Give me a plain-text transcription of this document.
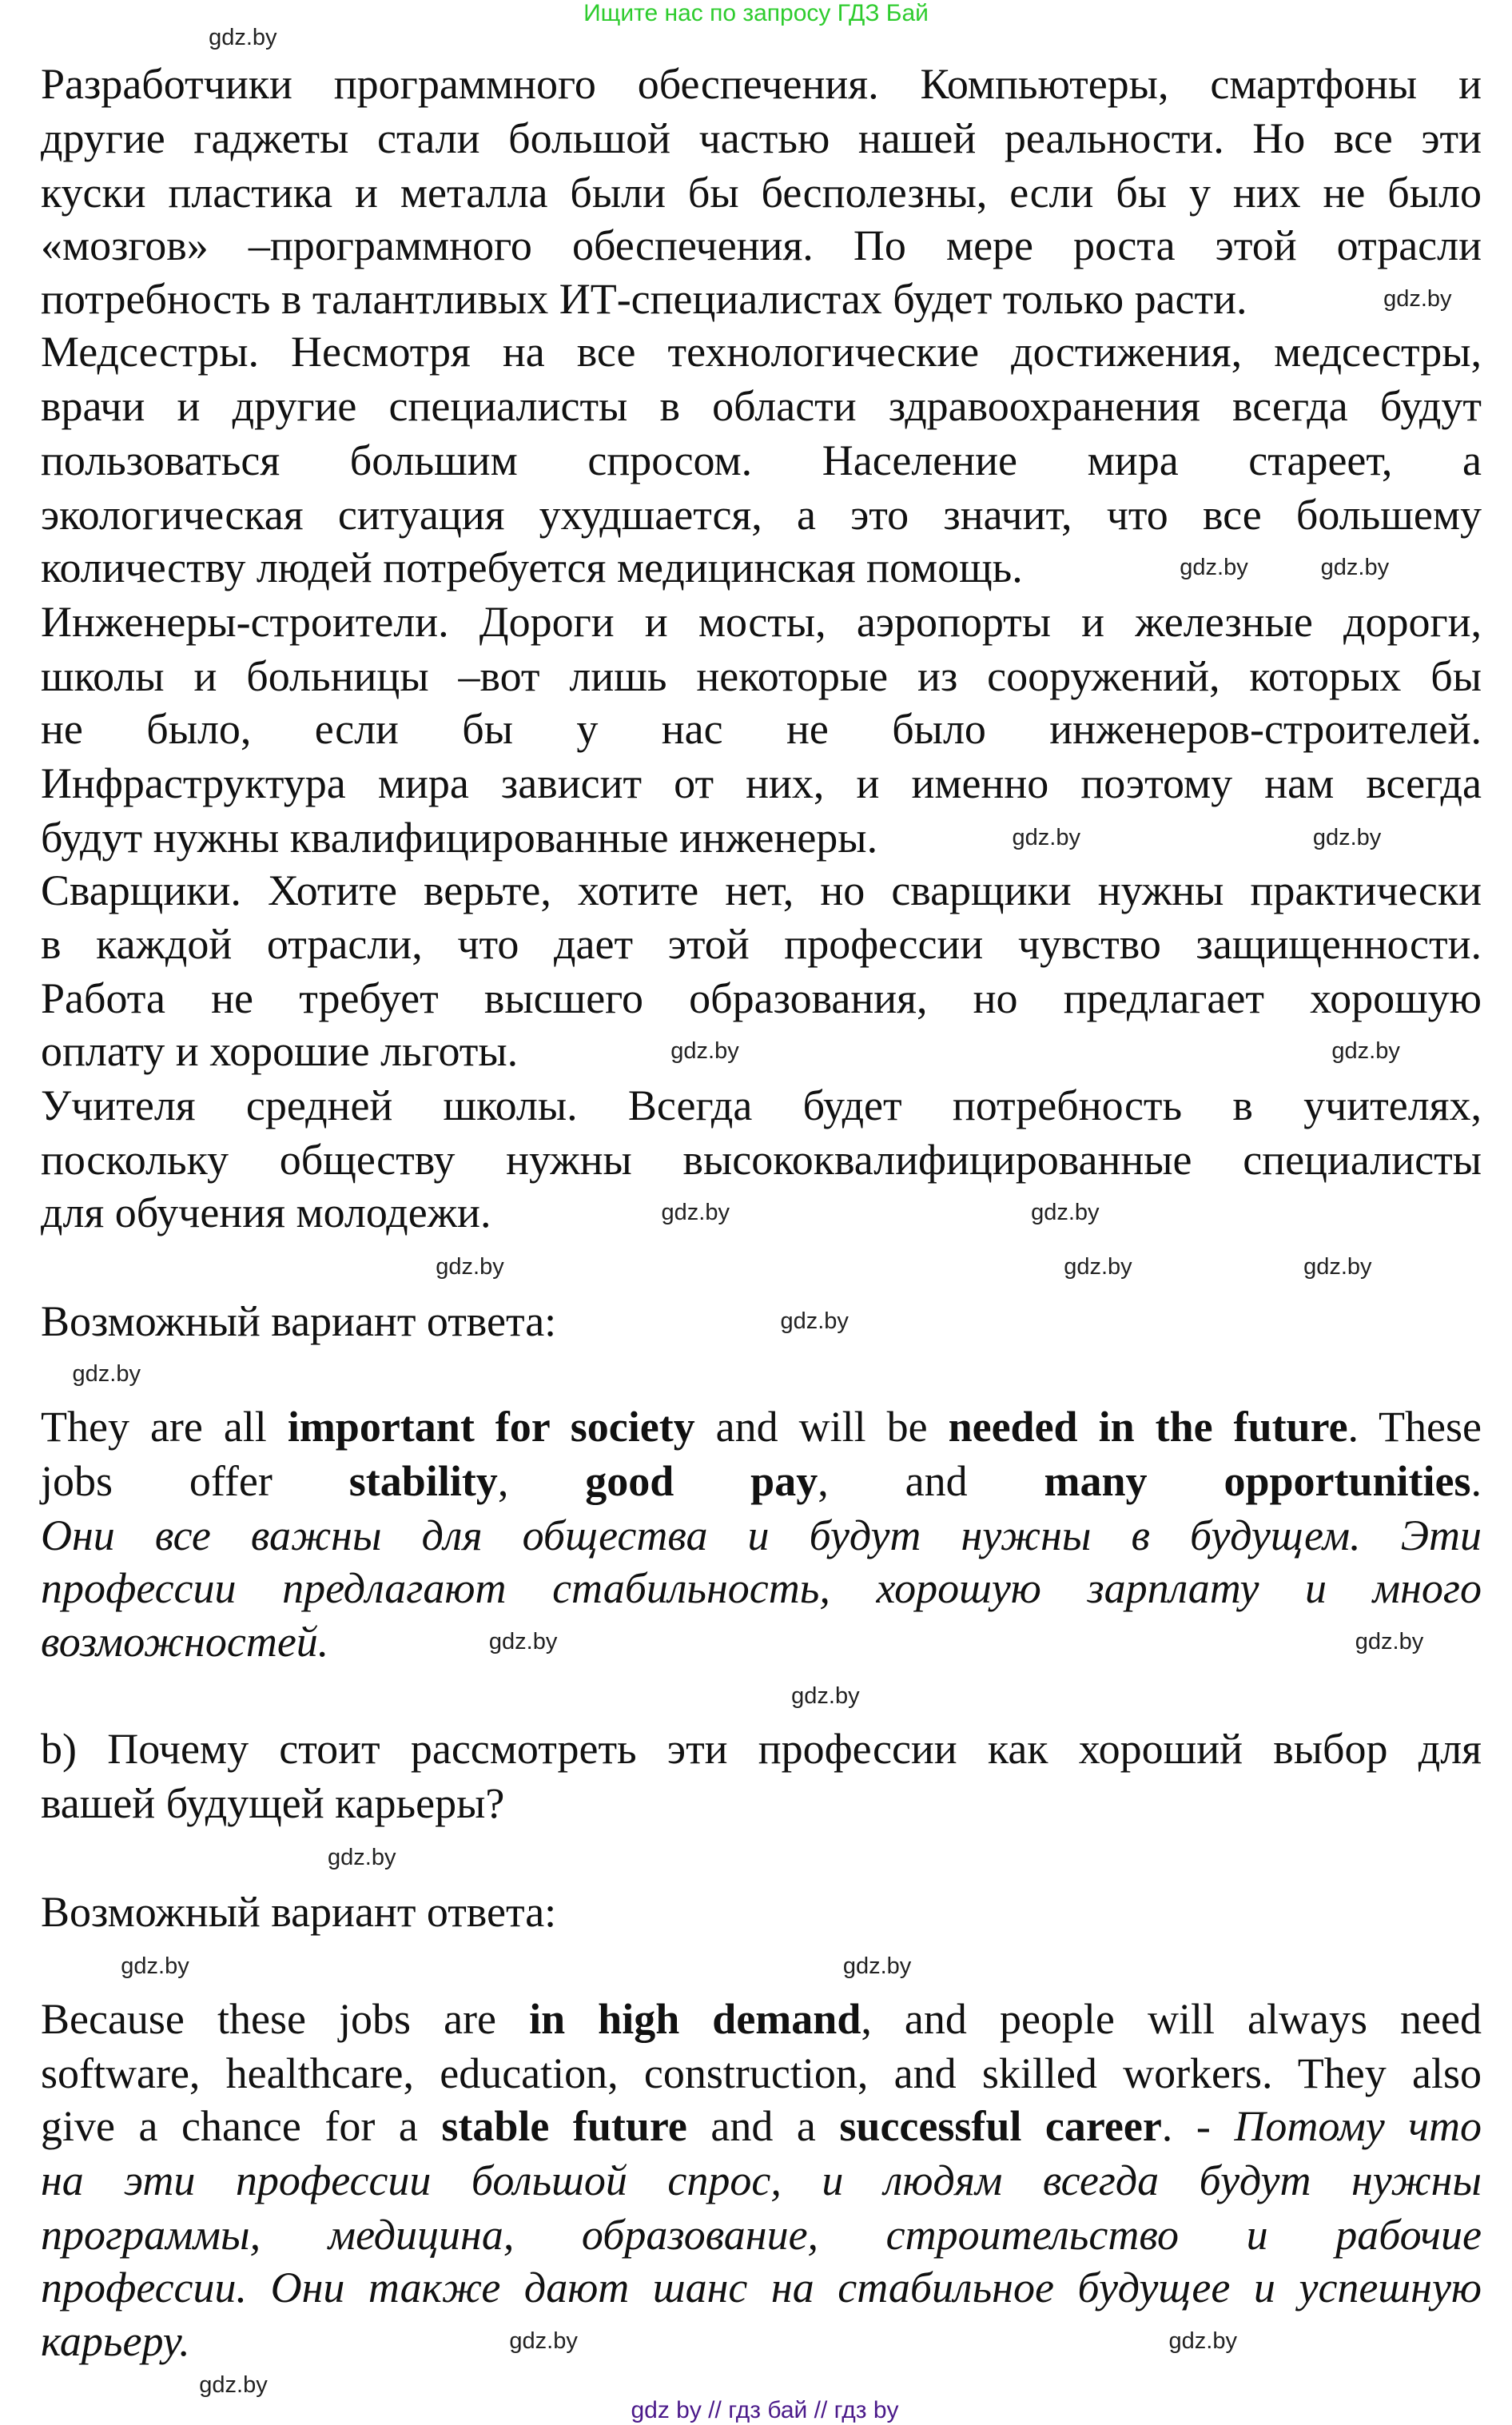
Ищите нас по запросу ГДЗ Бай
Разработчики программного обеспечения. Компьютеры, смартфоны и
другие гаджеты стали большой частью нашей реальности. Но все эти
куски пластика и металла были бы бесполезны, если бы у них не было
«мозгов» –программного обеспечения. По мере роста этой отрасли
потребность в талантливых ИТ-специалистах будет только расти.
Медсестры. Несмотря на все технологические достижения, медсестры,
врачи и другие специалисты в области здравоохранения всегда будут
пользоваться большим спросом. Население мира стареет, а
экологическая ситуация ухудшается, а это значит, что все большему
количеству людей потребуется медицинская помощь.
Инженеры-строители. Дороги и мосты, аэропорты и железные дороги,
школы и больницы –вот лишь некоторые из сооружений, которых бы
не было, если бы у нас не было инженеров-строителей.
Инфраструктура мира зависит от них, и именно поэтому нам всегда
будут нужны квалифицированные инженеры.
Сварщики. Хотите верьте, хотите нет, но сварщики нужны практически
в каждой отрасли, что дает этой профессии чувство защищенности.
Работа не требует высшего образования, но предлагает хорошую
оплату и хорошие льготы.
Учителя средней школы. Всегда будет потребность в учителях,
поскольку обществу нужны высококвалифицированные специалисты
для обучения молодежи.
Возможный вариант ответа:
They are all important for society and will be needed in the future. These
jobs offer stability, good pay, and many opportunities.
Они все важны для общества и будут нужны в будущем. Эти
профессии предлагают стабильность, хорошую зарплату и много
возможностей.
b) Почему стоит рассмотреть эти профессии как хороший выбор для
вашей будущей карьеры?
Возможный вариант ответа:
Because these jobs are in high demand, and people will always need
software, healthcare, education, construction, and skilled workers. They also
give a chance for a stable future and a successful career. - Потому что
на эти профессии большой спрос, и людям всегда будут нужны
программы, медицина, образование, строительство и рабочие
профессии. Они также дают шанс на стабильное будущее и успешную
карьеру.
gdz by // гдз бай // гдз by
gdz.by
gdz.by
gdz.by	gdz.by
gdz.by	gdz.by
gdz.by	gdz.by
gdz.by	gdz.by
gdz.by	gdz.by	gdz.by
gdz.by
gdz.by
gdz.by	gdz.by
gdz.by
gdz.by
gdz.by	gdz.by
gdz.by	gdz.by
gdz.by
